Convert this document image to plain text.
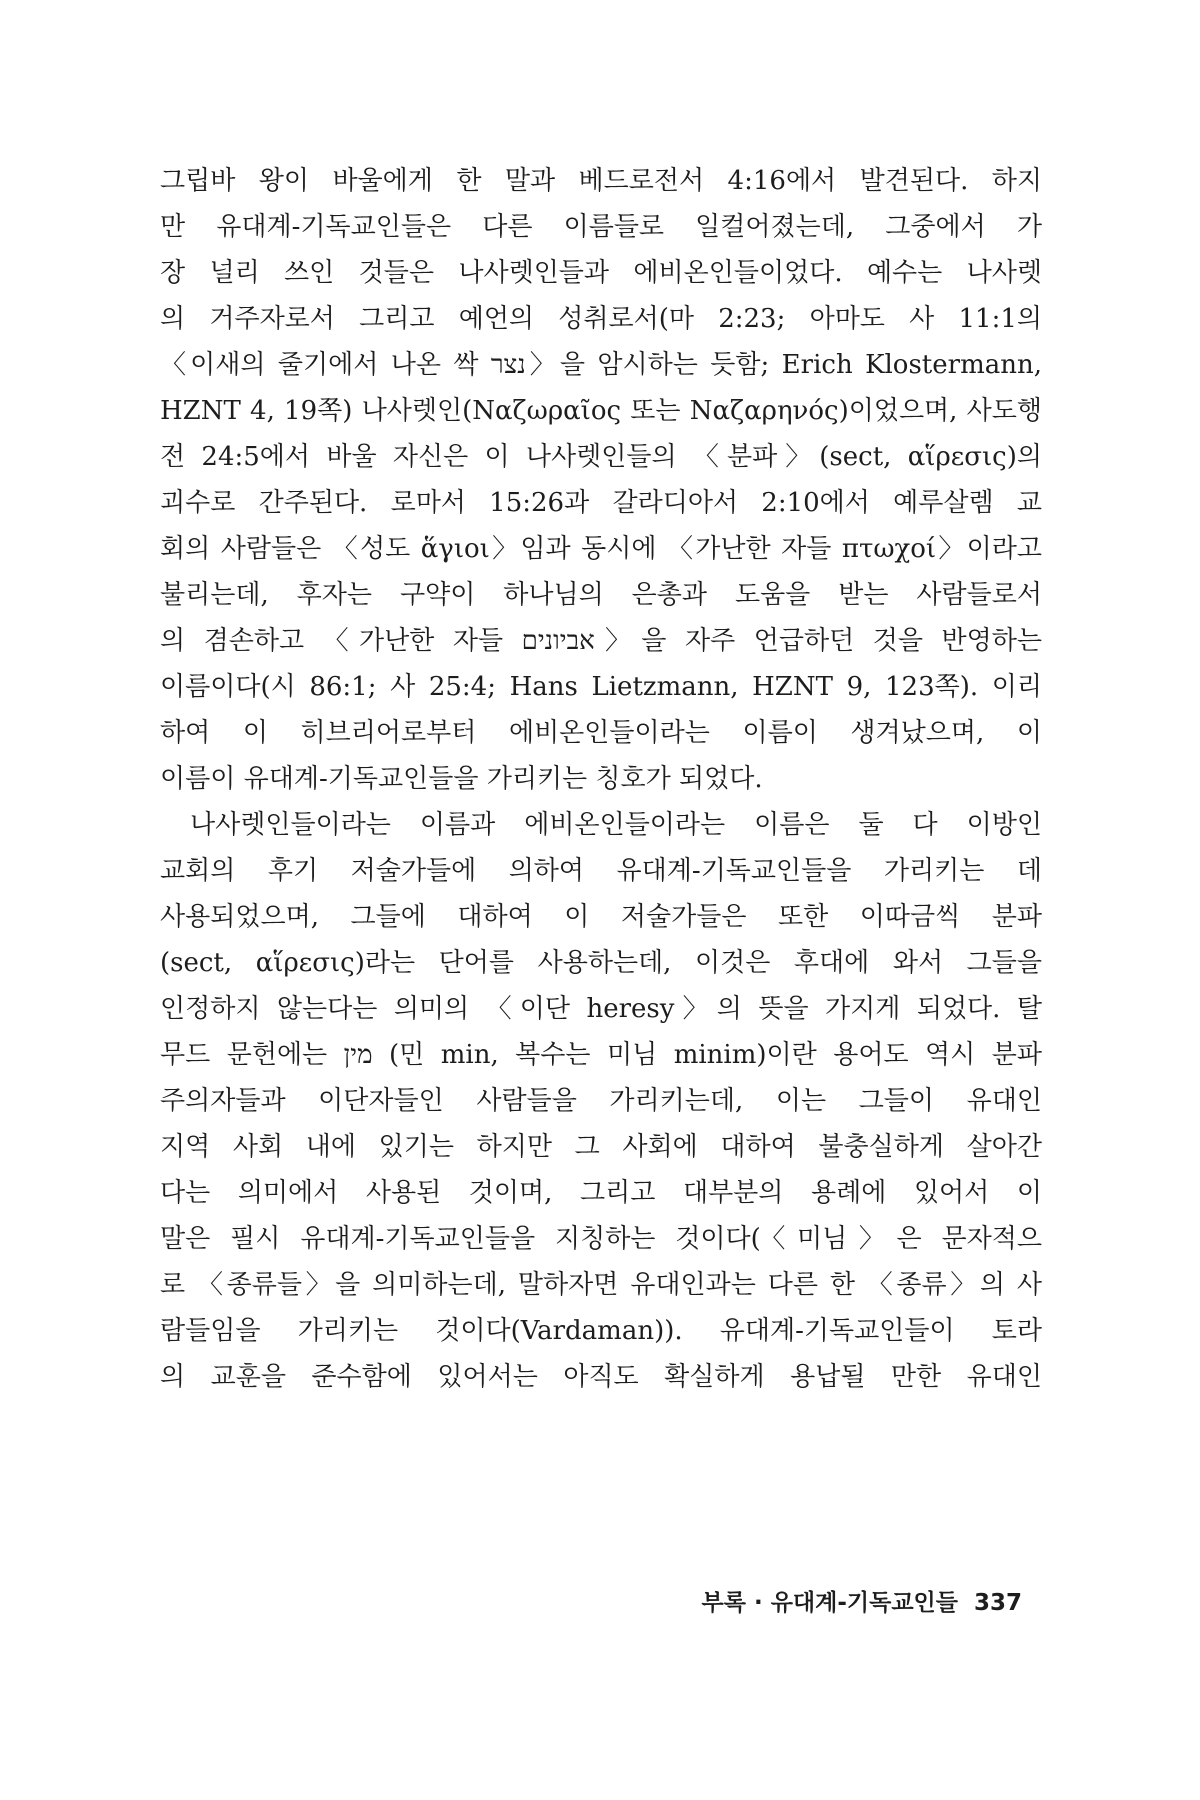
그립바 왕이 바울에게 한 말과 베드로전서 4:16에서 발견된다. 하지
만 유대계-기독교인들은 다른 이름들로 일컬어졌는데, 그중에서 가
장 널리 쓰인 것들은 나사렛인들과 에비온인들이었다. 예수는 나사렛
의 거주자로서 그리고 예언의 성취로서(마 2:23; 아마도 사 11:1의
〈이새의 줄기에서 나온 싹 נצר〉을 암시하는 듯함; Erich Klostermann,
HZNT 4, 19쪽) 나사렛인(Ναζωραῖος 또는 Ναζαρηνός)이었으며, 사도행
전 24:5에서 바울 자신은 이 나사렛인들의 〈분파〉(sect, αἵρεσις)의
괴수로 간주된다. 로마서 15:26과 갈라디아서 2:10에서 예루살렘 교
회의 사람들은 〈성도 ἅγιοι〉임과 동시에 〈가난한 자들 πτωχοί〉이라고
불리는데, 후자는 구약이 하나님의 은총과 도움을 받는 사람들로서
의 겸손하고 〈가난한 자들 אביונים〉을 자주 언급하던 것을 반영하는
이름이다(시 86:1; 사 25:4; Hans Lietzmann, HZNT 9, 123쪽). 이리
하여 이 히브리어로부터 에비온인들이라는 이름이 생겨났으며, 이
이름이 유대계-기독교인들을 가리키는 칭호가 되었다.
나사렛인들이라는 이름과 에비온인들이라는 이름은 둘 다 이방인
교회의 후기 저술가들에 의하여 유대계-기독교인들을 가리키는 데
사용되었으며, 그들에 대하여 이 저술가들은 또한 이따금씩 분파
(sect, αἵρεσις)라는 단어를 사용하는데, 이것은 후대에 와서 그들을
인정하지 않는다는 의미의 〈이단 heresy〉의 뜻을 가지게 되었다. 탈
무드 문헌에는 מין (민 min, 복수는 미님 minim)이란 용어도 역시 분파
주의자들과 이단자들인 사람들을 가리키는데, 이는 그들이 유대인
지역 사회 내에 있기는 하지만 그 사회에 대하여 불충실하게 살아간
다는 의미에서 사용된 것이며, 그리고 대부분의 용례에 있어서 이
말은 필시 유대계-기독교인들을 지칭하는 것이다(〈미님〉은 문자적으
로 〈종류들〉을 의미하는데, 말하자면 유대인과는 다른 한 〈종류〉의 사
람들임을 가리키는 것이다(Vardaman)). 유대계-기독교인들이 토라
의 교훈을 준수함에 있어서는 아직도 확실하게 용납될 만한 유대인
부록 · 유대계-기독교인들 337
